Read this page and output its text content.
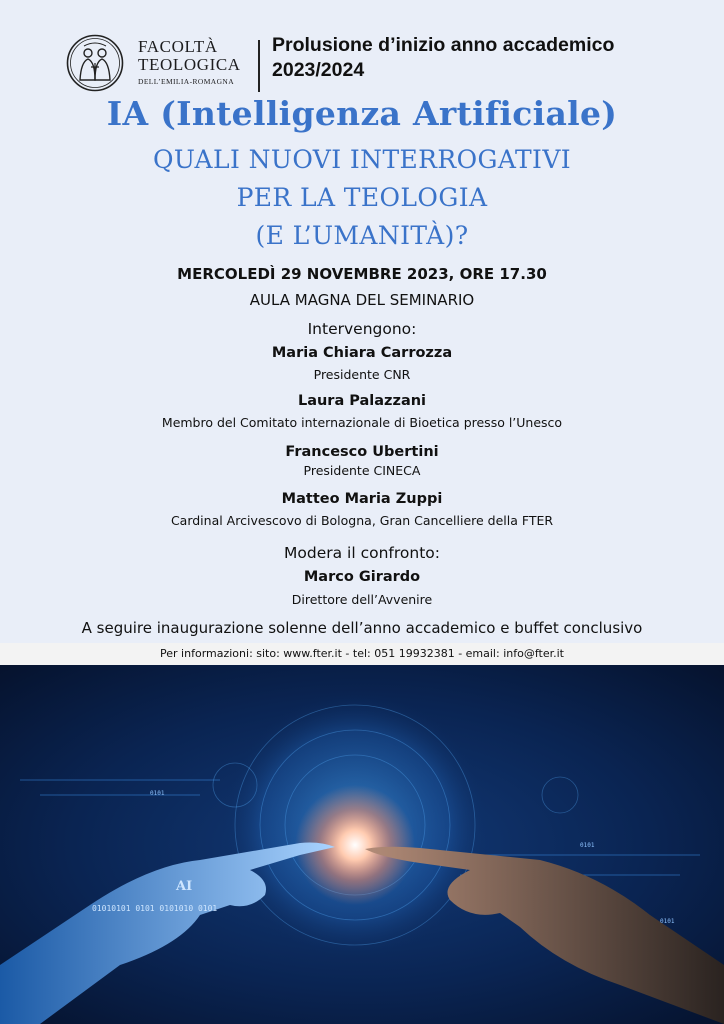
FACOLTÀ
TEOLOGICA
DELL’EMILIA-ROMAGNA
Prolusione d’inizio anno accademico
2023/2024
IA (Intelligenza Artificiale)
QUALI NUOVI INTERROGATIVI
PER LA TEOLOGIA
(E L’UMANITÀ)?
MERCOLEDÌ 29 NOVEMBRE 2023, ORE 17.30
AULA MAGNA DEL SEMINARIO
Intervengono:
Maria Chiara Carrozza
Presidente CNR
Laura Palazzani
Membro del Comitato internazionale di Bioetica presso l’Unesco
Francesco Ubertini
Presidente CINECA
Matteo Maria Zuppi
Cardinal Arcivescovo di Bologna, Gran Cancelliere della FTER
Modera il confronto:
Marco Girardo
Direttore dell’Avvenire
A seguire inaugurazione solenne dell’anno accademico e buffet conclusivo
Per informazioni: sito: www.fter.it - tel: 051 19932381 - email: info@fter.it
AI
01010101 0101 0101010 0101
0101
0101
0101
